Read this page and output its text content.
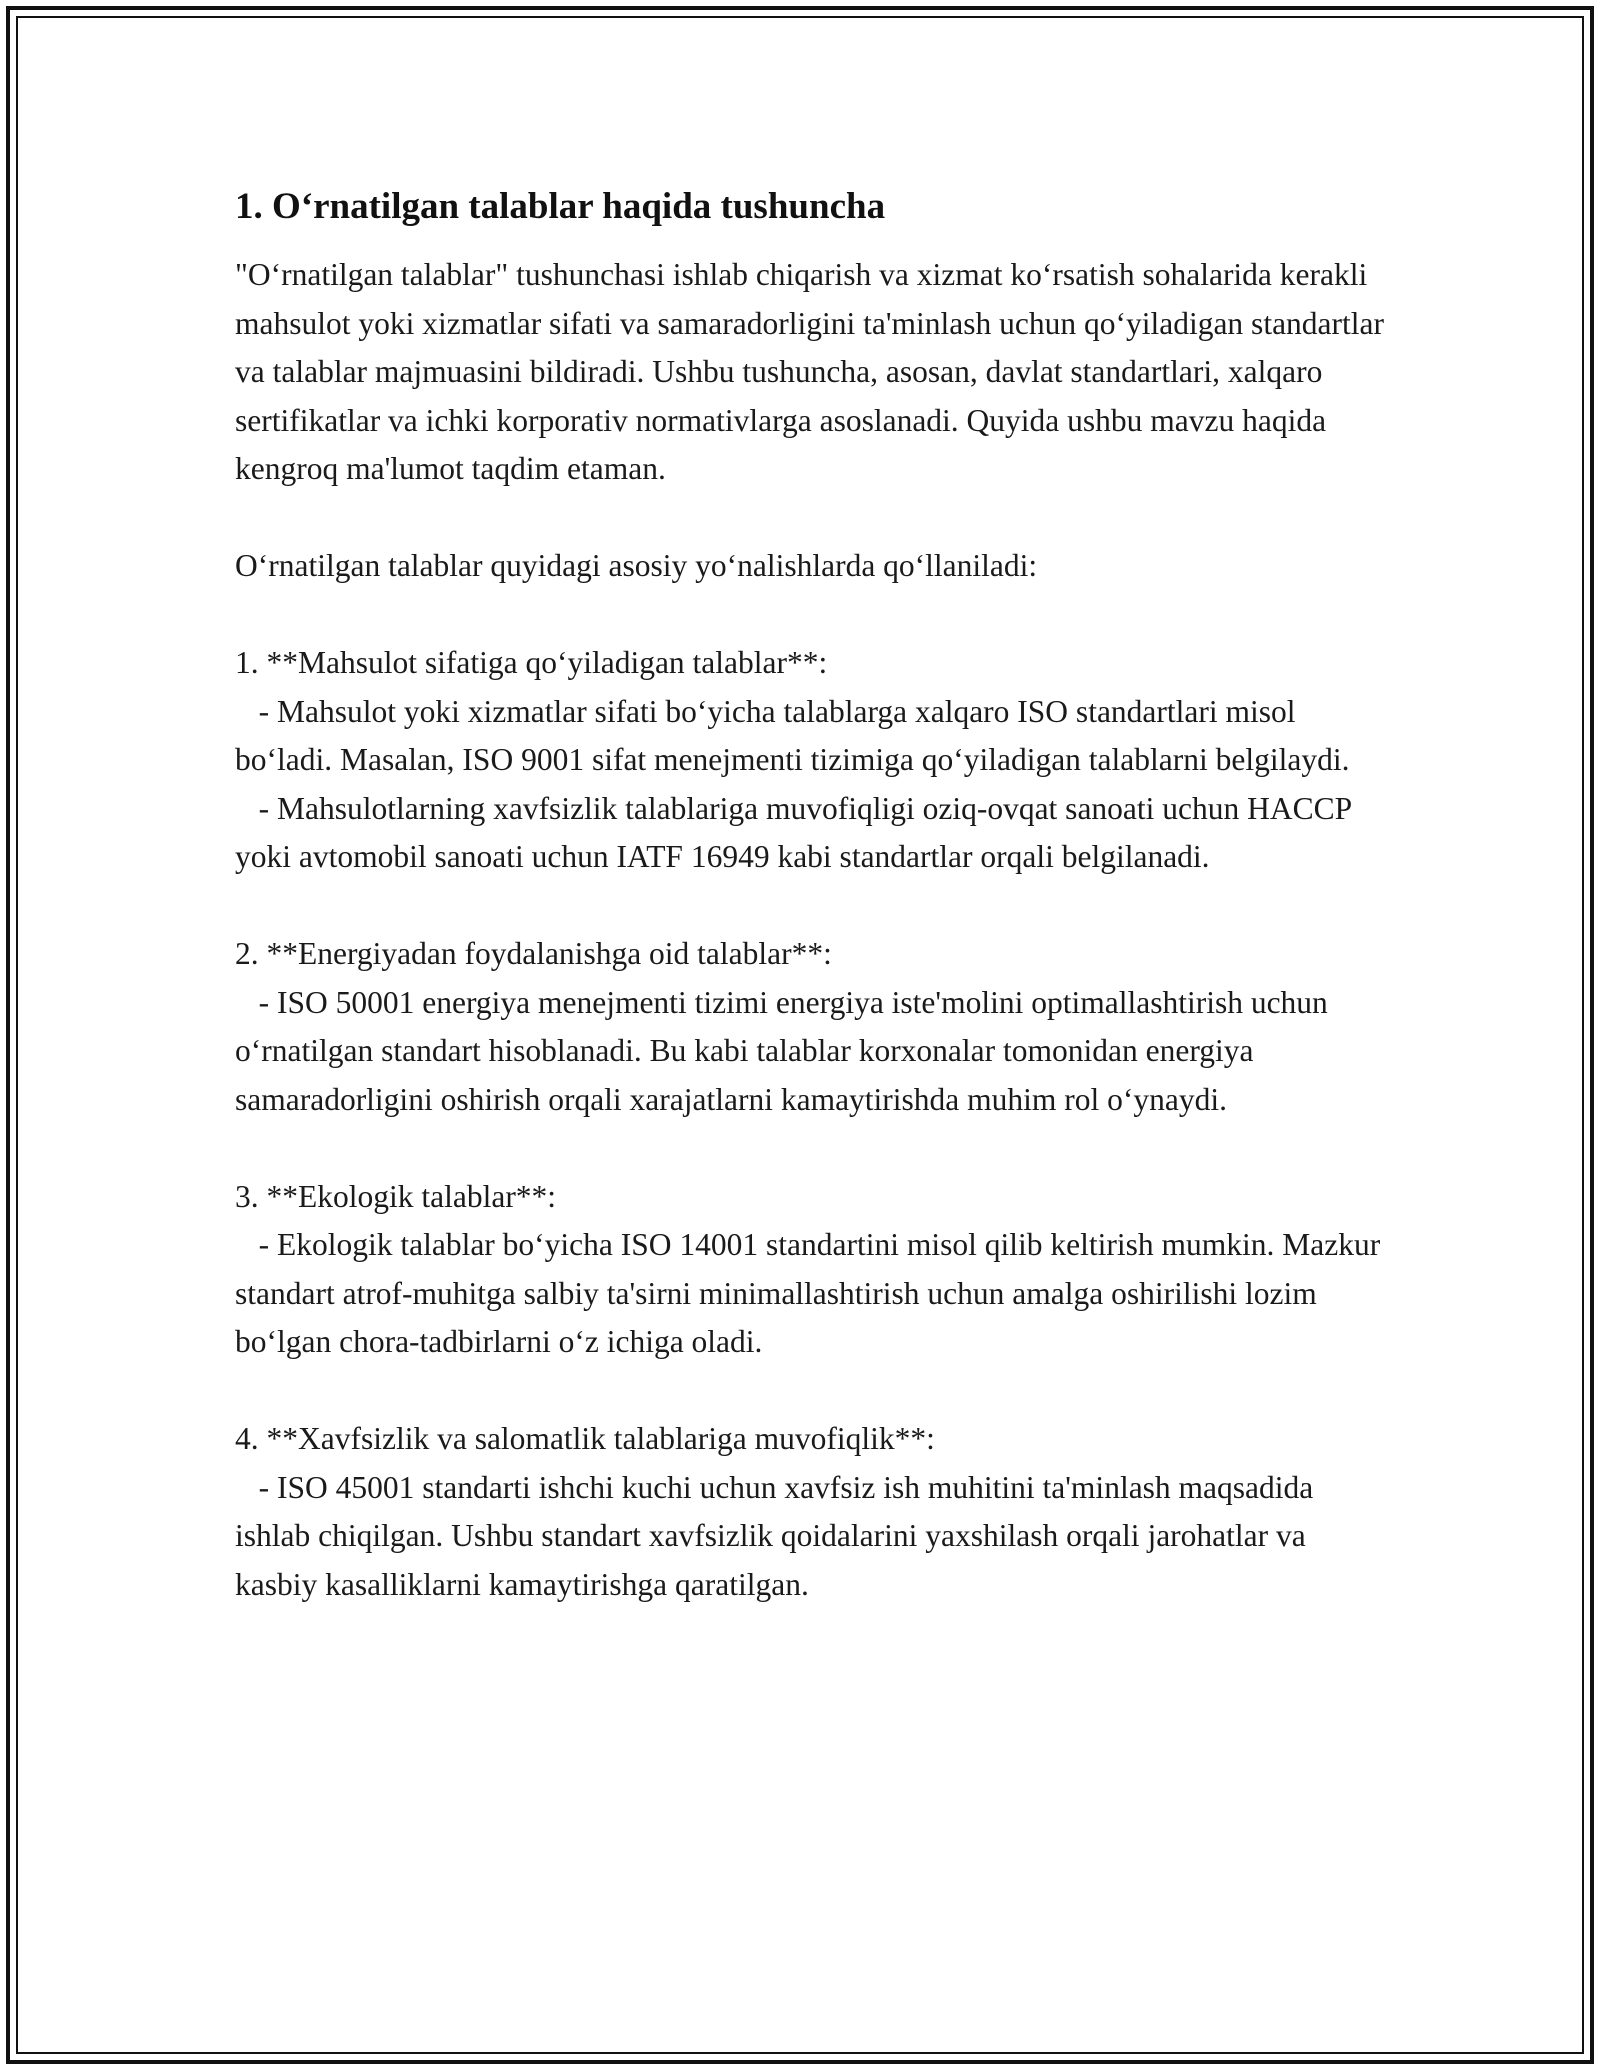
1. O‘rnatilgan talablar haqida tushuncha

"O‘rnatilgan talablar" tushunchasi ishlab chiqarish va xizmat ko‘rsatish sohalarida kerakli mahsulot yoki xizmatlar sifati va samaradorligini ta'minlash uchun qo‘yiladigan standartlar va talablar majmuasini bildiradi. Ushbu tushuncha, asosan, davlat standartlari, xalqaro sertifikatlar va ichki korporativ normativlarga asoslanadi. Quyida ushbu mavzu haqida kengroq ma'lumot taqdim etaman.

O‘rnatilgan talablar quyidagi asosiy yo‘nalishlarda qo‘llaniladi:

1. **Mahsulot sifatiga qo‘yiladigan talablar**:

- Mahsulot yoki xizmatlar sifati bo‘yicha talablarga xalqaro ISO standartlari misol bo‘ladi. Masalan, ISO 9001 sifat menejmenti tizimiga qo‘yiladigan talablarni belgilaydi.

- Mahsulotlarning xavfsizlik talablariga muvofiqligi oziq-ovqat sanoati uchun HACCP yoki avtomobil sanoati uchun IATF 16949 kabi standartlar orqali belgilanadi.

2. **Energiyadan foydalanishga oid talablar**:

- ISO 50001 energiya menejmenti tizimi energiya iste'molini optimallashtirish uchun o‘rnatilgan standart hisoblanadi. Bu kabi talablar korxonalar tomonidan energiya samaradorligini oshirish orqali xarajatlarni kamaytirishda muhim rol o‘ynaydi.

3. **Ekologik talablar**:

- Ekologik talablar bo‘yicha ISO 14001 standartini misol qilib keltirish mumkin. Mazkur standart atrof-muhitga salbiy ta'sirni minimallashtirish uchun amalga oshirilishi lozim bo‘lgan chora-tadbirlarni o‘z ichiga oladi.

4. **Xavfsizlik va salomatlik talablariga muvofiqlik**:

- ISO 45001 standarti ishchi kuchi uchun xavfsiz ish muhitini ta'minlash maqsadida ishlab chiqilgan. Ushbu standart xavfsizlik qoidalarini yaxshilash orqali jarohatlar va kasbiy kasalliklarni kamaytirishga qaratilgan.
